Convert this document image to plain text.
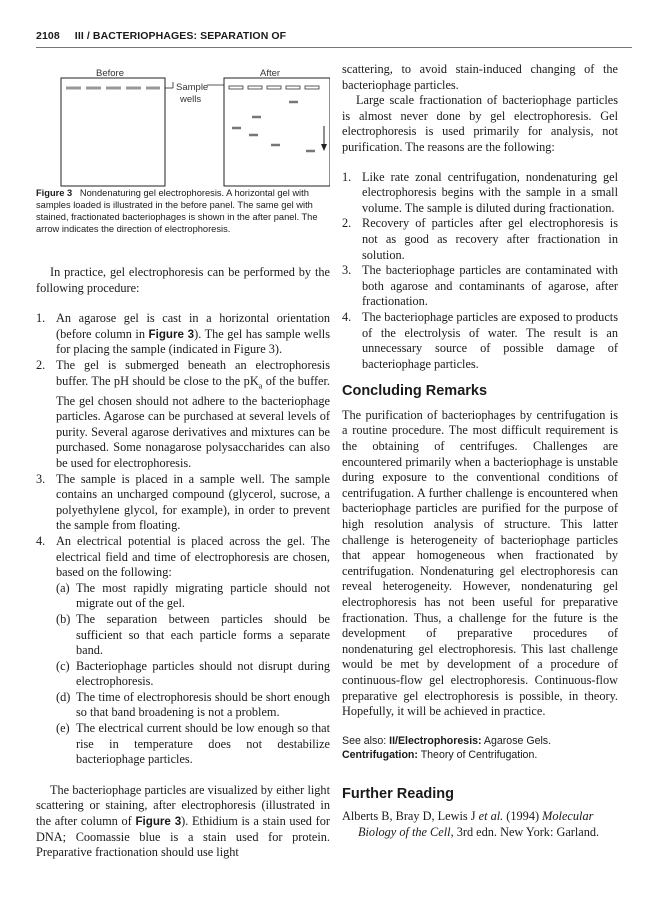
2108 III / BACTERIOPHAGES: SEPARATION OF
Before	After
Sample
wells

Figure 3 Nondenaturing gel electrophoresis. A horizontal gel with samples loaded is illustrated in the before panel. The same gel with stained, fractionated bacteriophages is shown in the after panel. The arrow indicates the direction of electrophoresis.

In practice, gel electrophoresis can be performed by the following procedure:

1. An agarose gel is cast in a horizontal orientation (before column in Figure 3). The gel has sample wells for placing the sample (indicated in Figure 3).
2. The gel is submerged beneath an electrophoresis buffer. The pH should be close to the $pK_a$ of the buffer. The gel chosen should not adhere to the bacteriophage particles. Agarose can be purchased at several levels of purity. Several agarose derivatives and mixtures can be purchased. Some nonagarose polysaccharides can also be used for electrophoresis.
3. The sample is placed in a sample well. The sample contains an uncharged compound (glycerol, sucrose, a polyethylene glycol, for example), in order to prevent the sample from floating.
4. An electrical potential is placed across the gel. The electrical field and time of electrophoresis are chosen, based on the following:
(a) The most rapidly migrating particle should not migrate out of the gel.
(b) The separation between particles should be sufficient so that each particle forms a separate band.
(c) Bacteriophage particles should not disrupt during electrophoresis.
(d) The time of electrophoresis should be short enough so that band broadening is not a problem.
(e) The electrical current should be low enough so that rise in temperature does not destabilize bacteriophage particles.

The bacteriophage particles are visualized by either light scattering or staining, after electrophoresis (illustrated in the after column of Figure 3). Ethidium is a stain used for DNA; Coomassie blue is a stain used for protein. Preparative fractionation should use light

scattering, to avoid stain-induced changing of the bacteriophage particles.

Large scale fractionation of bacteriophage particles is almost never done by gel electrophoresis. Gel electrophoresis is used primarily for analysis, not purification. The reasons are the following:

1. Like rate zonal centrifugation, nondenaturing gel electrophoresis begins with the sample in a small volume. The sample is diluted during fractionation.
2. Recovery of particles after gel electrophoresis is not as good as recovery after fractionation in solution.
3. The bacteriophage particles are contaminated with both agarose and contaminants of agarose, after fractionation.
4. The bacteriophage particles are exposed to products of the electrolysis of water. The result is an unnecessary source of possible damage of bacteriophage particles.
Concluding Remarks

The purification of bacteriophages by centrifugation is a routine procedure. The most difficult requirement is the obtaining of centrifuges. Challenges are encountered primarily when a bacteriophage is unstable during exposure to the conventional conditions of centrifugation. A further challenge is encountered when bacteriophage particles are purified for the purpose of high resolution analysis of structure. This latter challenge is heterogeneity of bacteriophage particles that appear homogeneous when fractionated by centrifugation. Nondenaturing gel electrophoresis can reveal heterogeneity. However, nondenaturing gel electrophoresis has not been useful for preparative fractionation. Thus, a challenge for the future is the development of preparative procedures of nondenaturing gel electrophoresis. This last challenge would be met by development of a procedure of continuous-flow gel electrophoresis. Continuous-flow preparative gel electrophoresis is possible, in theory. Hopefully, it will be achieved in practice.

See also: II/Electrophoresis: Agarose Gels. Centrifugation: Theory of Centrifugation.

Further Reading

Alberts B, Bray D, Lewis J et al. (1994) Molecular Biology of the Cell, 3rd edn. New York: Garland.
